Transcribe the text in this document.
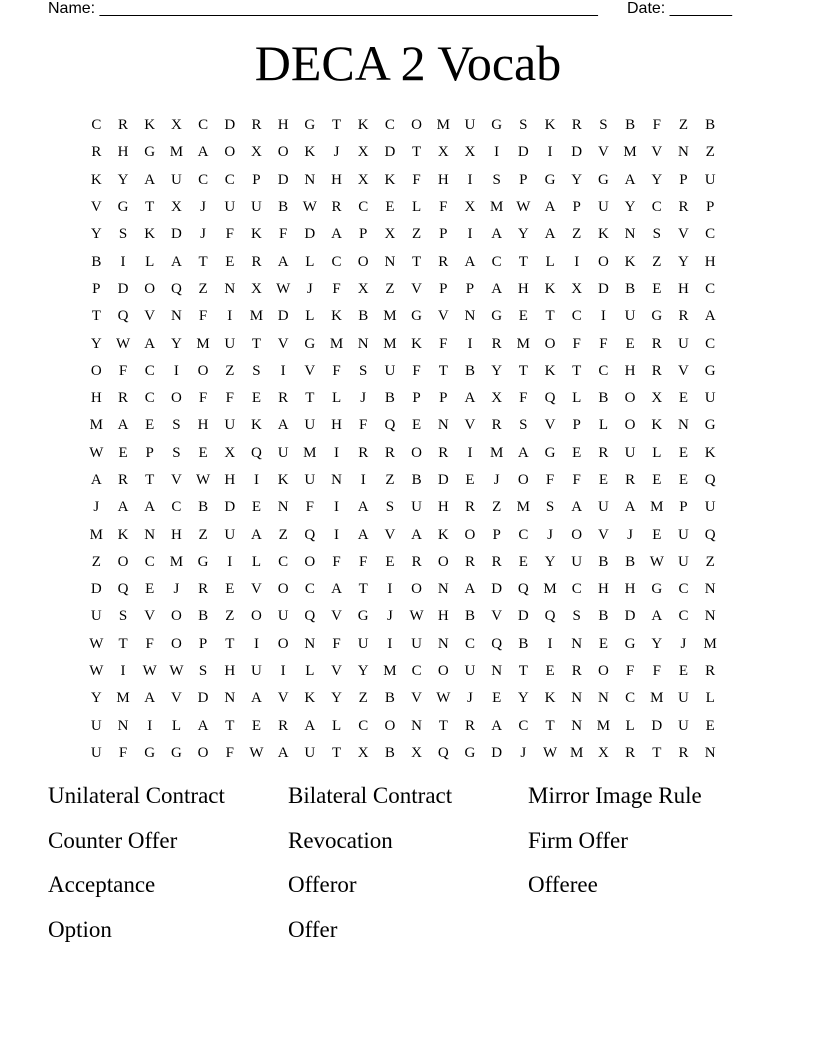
Name: ________________________________________________________

Date: _______

DECA 2 Vocab
C	R	K	X	C	D	R	H	G	T	K	C	O M U	G	S	K	R	S	B	F	Z	B
R	H	G M A	O	X	O	K	J	X	D	T	X	X	I	D	I	D	V M V	N	Z
K	Y	A	U	C	C	P	D	N	H	X	K	F	H	I	S	P	G	Y	G	A	Y	P	U
V	G	T	X	J	U	U	B W R	C	E	L	F	X M W A	P	U	Y	C	R	P
Y	S	K	D	J	F	K	F	D	A	P	X	Z	P	I	A	Y	A	Z	K	N	S	V	C
B	I	L	A	T	E	R	A	L	C	O	N	T	R	A	C	T	L	I	O	K	Z	Y	H
P	D	O	Q	Z	N	X W	J	F	X	Z	V	P	P	A	H	K	X	D	B	E	H	C
T	Q	V	N	F	I	M D	L	K	B	M G	V	N	G	E	T	C	I	U	G	R	A
Y W A	Y M U	T	V	G M N M K	F	I	R	M O	F	F	E	R	U	C
O	F	C	I	O	Z	S	I	V	F	S	U	F	T	B	Y	T	K	T	C	H	R	V	G
H	R	C	O	F	F	E	R	T	L	J	B	P	P	A	X	F	Q	L	B	O	X	E	U
M A	E	S	H	U	K	A	U	H	F	Q	E	N	V	R	S	V	P	L	O	K	N	G
W	E	P	S	E	X	Q	U M	I	R	R	O	R	I	M A	G	E	R	U	L	E	K
A	R	T	V W H	I	K	U	N	I	Z	B	D	E	J	O	F	F	E	R	E	E	Q
J	A	A	C	B	D	E	N	F	I	A	S	U	H	R	Z	M	S	A	U	A M	P	U
M K	N	H	Z	U	A	Z	Q	I	A	V	A	K	O	P	C	J	O	V	J	E	U	Q
Z	O	C	M G	I	L	C	O	F	F	E	R	O	R	R	E	Y	U	B	B W U	Z
D	Q	E	J	R	E	V	O	C	A	T	I	O	N	A	D	Q M	C	H	H	G	C	N
U	S	V	O	B	Z	O	U	Q	V	G	J	W H	B	V	D	Q	S	B	D	A	C	N
W	T	F	O	P	T	I	O	N	F	U	I	U	N	C	Q	B	I	N	E	G	Y	J	M
W	I	W W	S	H	U	I	L	V	Y M	C	O	U	N	T	E	R	O	F	F	E	R
Y M A	V	D	N	A	V	K	Y	Z	B	V W	J	E	Y	K	N	N	C	M U	L
U	N	I	L	A	T	E	R	A	L	C	O	N	T	R	A	C	T	N M	L	D	U	E
U	F	G	G	O	F	W A	U	T	X	B	X	Q	G	D	J	W M X	R	T	R	N
Unilateral Contract	Bilateral Contract	Mirror Image Rule
Counter Offer	Revocation	Firm Offer
Acceptance	Offeror	Offeree
Option	Offer
